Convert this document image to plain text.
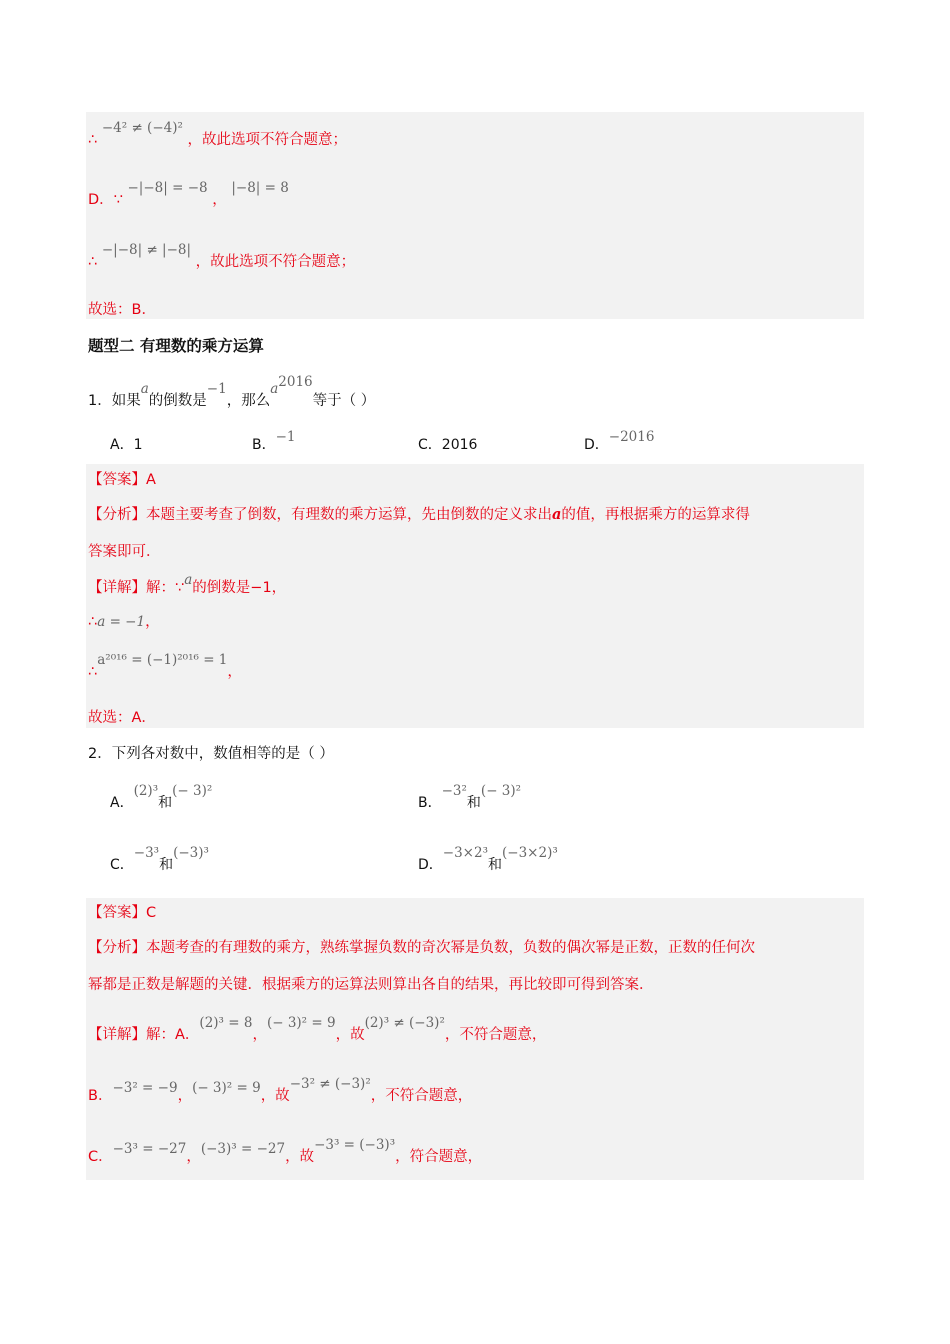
∴ −4² ≠ (−4)² ，故此选项不符合题意；
D．∵ −|−8| = −8 ， |−8| = 8
∴ −|−8| ≠ |−8| ，故此选项不符合题意；
故选：B．
题型二 有理数的乘方运算
1．如果a的倒数是−1，那么$a^{2016}$等于（ ）
A．1	B．−1	C．2016	D．−2016
【答案】A
【分析】本题主要考查了倒数，有理数的乘方运算，先由倒数的定义求出a的值，再根据乘方的运算求得
答案即可．
【详解】解：∵a的倒数是−1，
∴a = −1，
∴a²⁰¹⁶ = (−1)²⁰¹⁶ = 1，
故选：A．
2．下列各对数中，数值相等的是（ ）
A．(2)³和(− 3)²
B．−3²和(− 3)²
C．−3³和(−3)³
D．−3×2³和(−3×2)³
【答案】C
【分析】本题考查的有理数的乘方，熟练掌握负数的奇次幂是负数，负数的偶次幂是正数，正数的任何次
幂都是正数是解题的关键．根据乘方的运算法则算出各自的结果，再比较即可得到答案．
【详解】解：A．(2)³ = 8，(− 3)² = 9，故(2)³ ≠ (−3)²，不符合题意，
B．−3² = −9，(− 3)² = 9，故−3² ≠ (−3)²，不符合题意，
C．−3³ = −27，(−3)³ = −27，故−3³ = (−3)³，符合题意，
